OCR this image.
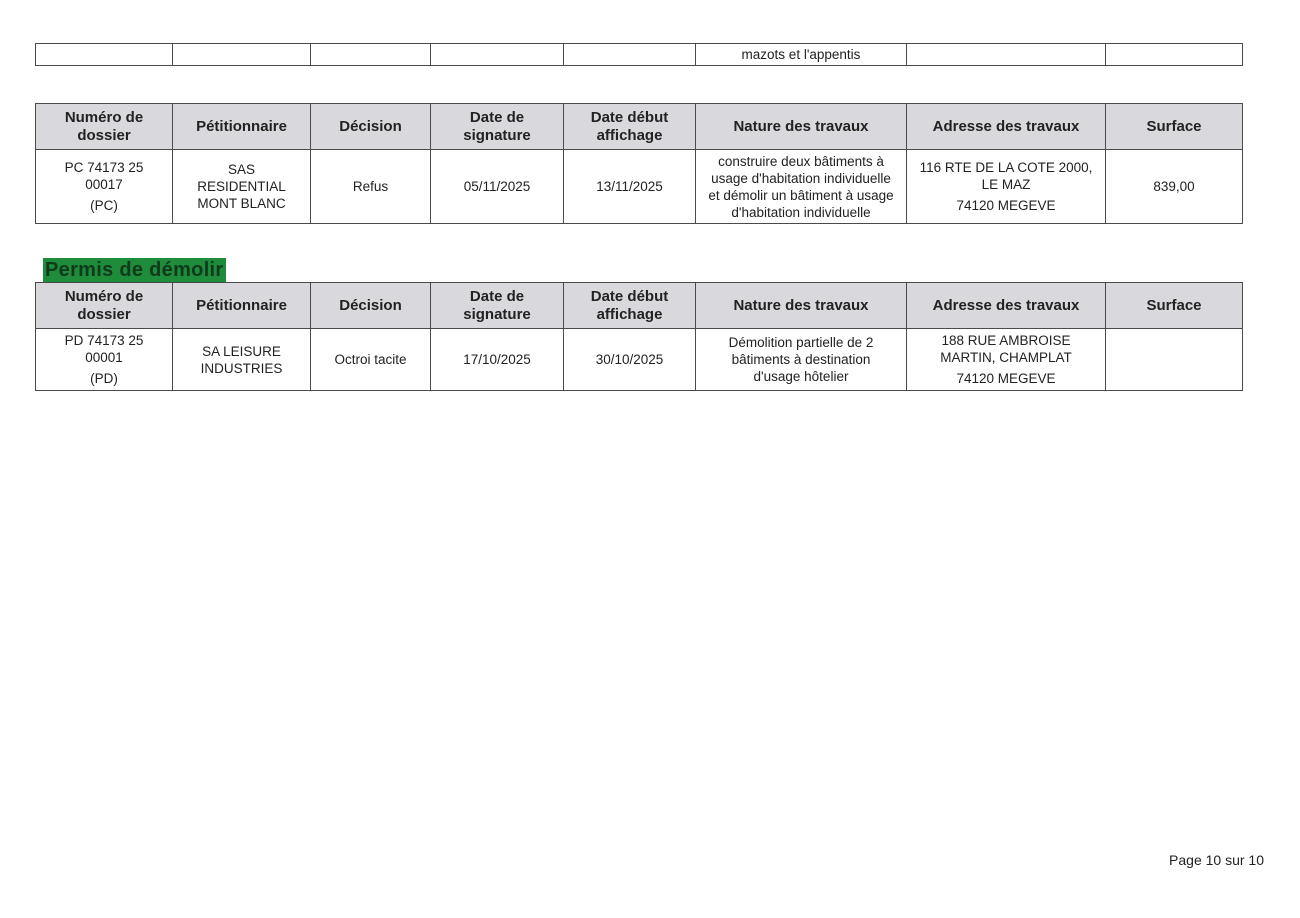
					mazots et l'appentis		
Numéro de
dossier	Pétitionnaire	Décision	Date de
signature	Date début
affichage	Nature des travaux	Adresse des travaux	Surface

PC 74173 25
00017
(PC)	SAS
RESIDENTIAL
MONT BLANC	Refus	05/11/2025	13/11/2025	construire deux bâtiments à
usage d'habitation individuelle
et démolir un bâtiment à usage
d'habitation individuelle	116 RTE DE LA COTE 2000,
LE MAZ
74120 MEGEVE	839,00
Permis de démolir
Numéro de
dossier	Pétitionnaire	Décision	Date de
signature	Date début
affichage	Nature des travaux	Adresse des travaux	Surface

PD 74173 25
00001
(PD)	SA LEISURE
INDUSTRIES	Octroi tacite	17/10/2025	30/10/2025	Démolition partielle de 2
bâtiments à destination
d'usage hôtelier	188 RUE AMBROISE
MARTIN, CHAMPLAT
74120 MEGEVE	

Page 10 sur 10
